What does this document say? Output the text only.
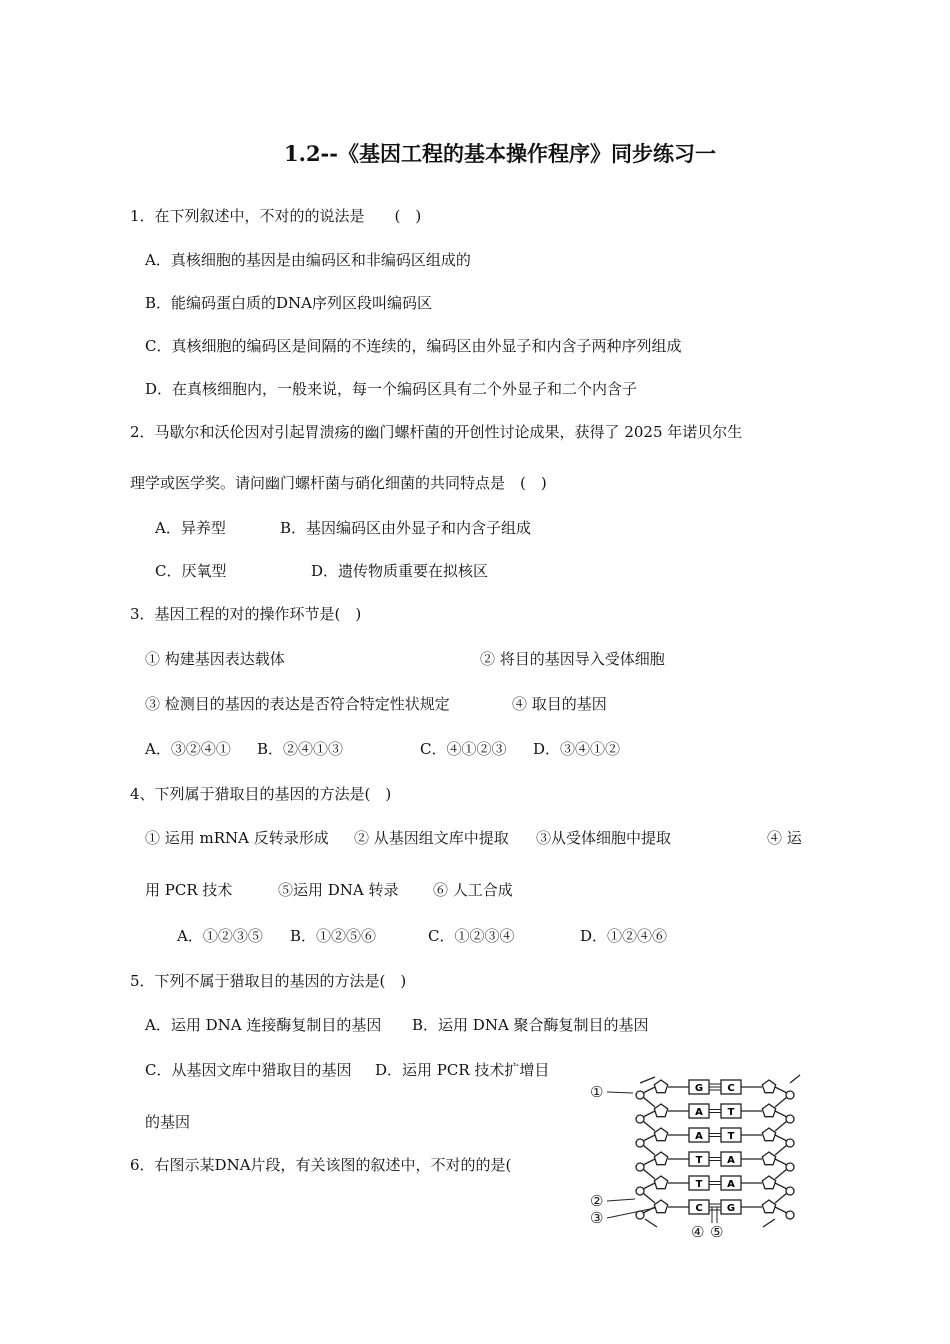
1.2--《基因工程的基本操作程序》同步练习一
1．在下列叙述中，不对的的说法是　　(　)
A．真核细胞的基因是由编码区和非编码区组成的
B．能编码蛋白质的DNA序列区段叫编码区
C．真核细胞的编码区是间隔的不连续的，编码区由外显子和内含子两种序列组成
D．在真核细胞内，一般来说，每一个编码区具有二个外显子和二个内含子
2．马歇尔和沃伦因对引起胃溃疡的幽门螺杆菌的开创性讨论成果，获得了 2025 年诺贝尔生
理学或医学奖。请问幽门螺杆菌与硝化细菌的共同特点是　(　)
A．异养型	B．基因编码区由外显子和内含子组成
C．厌氧型	D．遗传物质重要在拟核区
3．基因工程的对的操作环节是(　)
① 构建基因表达载体	② 将目的基因导入受体细胞
③ 检测目的基因的表达是否符合特定性状规定	④ 取目的基因
A．③②④① B．②④①③	C．④①②③ D．③④①②
4、下列属于猎取目的基因的方法是(　)
① 运用 mRNA 反转录形成 ② 从基因组文库中提取 ③从受体细胞中提取	④ 运
用 PCR 技术	⑤运用 DNA 转录 ⑥ 人工合成
A．①②③⑤ B．①②⑤⑥	C．①②③④	D．①②④⑥
5．下列不属于猎取目的基因的方法是(　)
A．运用 DNA 连接酶复制目的基因 B．运用 DNA 聚合酶复制目的基因
C．从基因文库中猎取目的基因 D．运用 PCR 技术扩增目
的基因
6．右图示某DNA片段，有关该图的叙述中，不对的的是(
G C
A T
A T
T A
T A
C G
①
②
③
④ ⑤
